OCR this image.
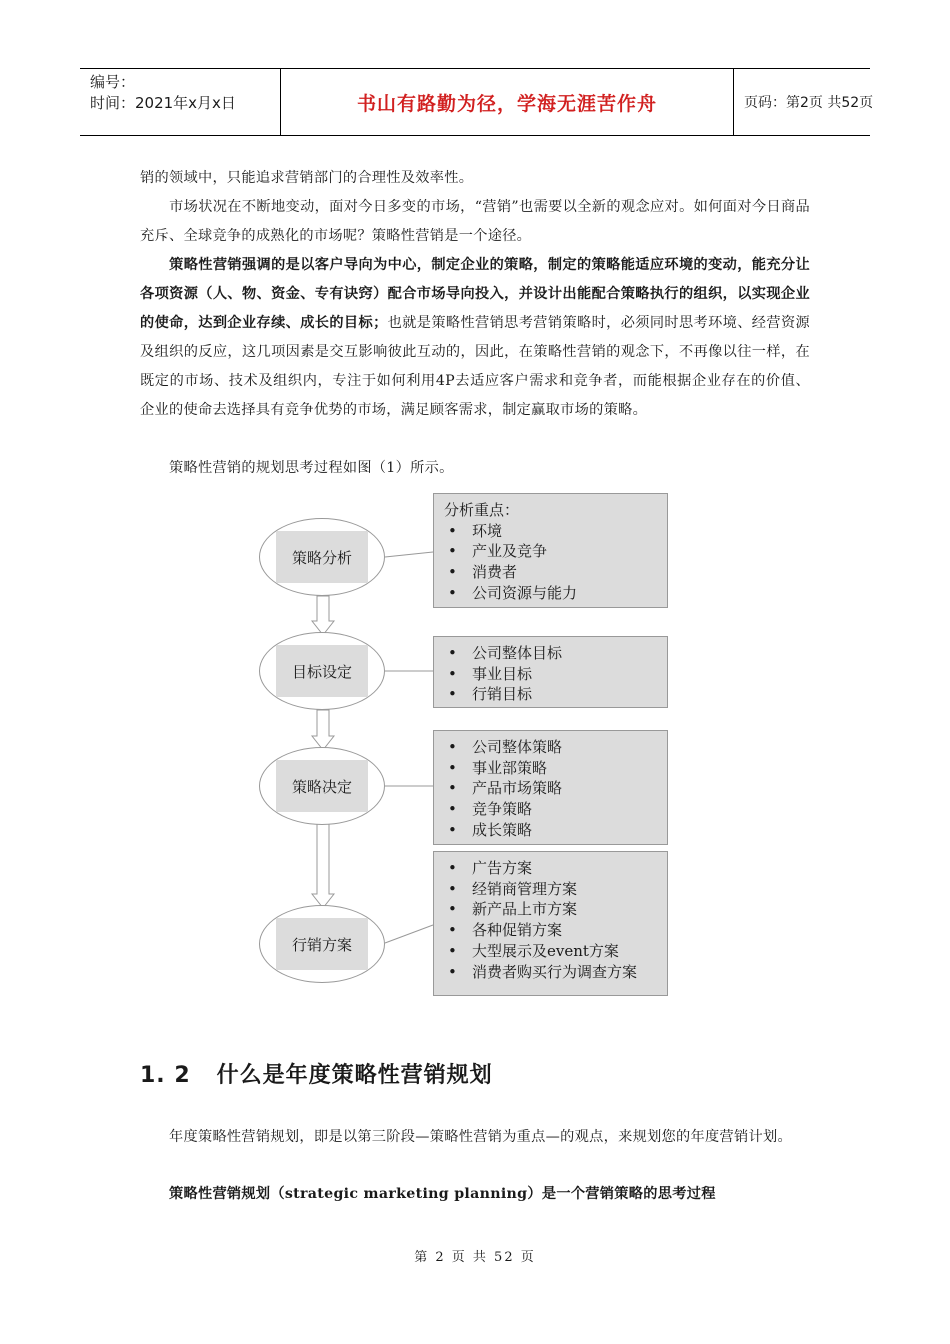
编号：
时间：2021年x月x日	书山有路勤为径，学海无涯苦作舟	页码：第2页 共52页
销的领域中，只能追求营销部门的合理性及效率性。
　　市场状况在不断地变动，面对今日多变的市场，“营销”也需要以全新的观念应对。如何面对今日商品充斥、全球竞争的成熟化的市场呢？策略性营销是一个途径。
　　策略性营销强调的是以客户导向为中心，制定企业的策略，制定的策略能适应环境的变动，能充分让各项资源（人、物、资金、专有诀窍）配合市场导向投入，并设计出能配合策略执行的组织，以实现企业的使命，达到企业存续、成长的目标；也就是策略性营销思考营销策略时，必须同时思考环境、经营资源及组织的反应，这几项因素是交互影响彼此互动的，因此，在策略性营销的观念下，不再像以往一样，在既定的市场、技术及组织内，专注于如何利用4P去适应客户需求和竞争者，而能根据企业存在的价值、企业的使命去选择具有竞争优势的市场，满足顾客需求，制定赢取市场的策略。
　　策略性营销的规划思考过程如图（1）所示。
策略分析
目标设定
策略决定
行销方案
分析重点：
• 环境
• 产业及竞争
• 消费者
• 公司资源与能力
• 公司整体目标
• 事业目标
• 行销目标
• 公司整体策略
• 事业部策略
• 产品市场策略
• 竞争策略
• 成长策略
• 广告方案
• 经销商管理方案
• 新产品上市方案
• 各种促销方案
• 大型展示及event方案
• 消费者购买行为调查方案
1. 2 什么是年度策略性营销规划
　　年度策略性营销规划，即是以第三阶段—策略性营销为重点—的观点，来规划您的年度营销计划。
　　策略性营销规划（strategic marketing planning）是一个营销策略的思考过程
第 2 页 共 52 页
